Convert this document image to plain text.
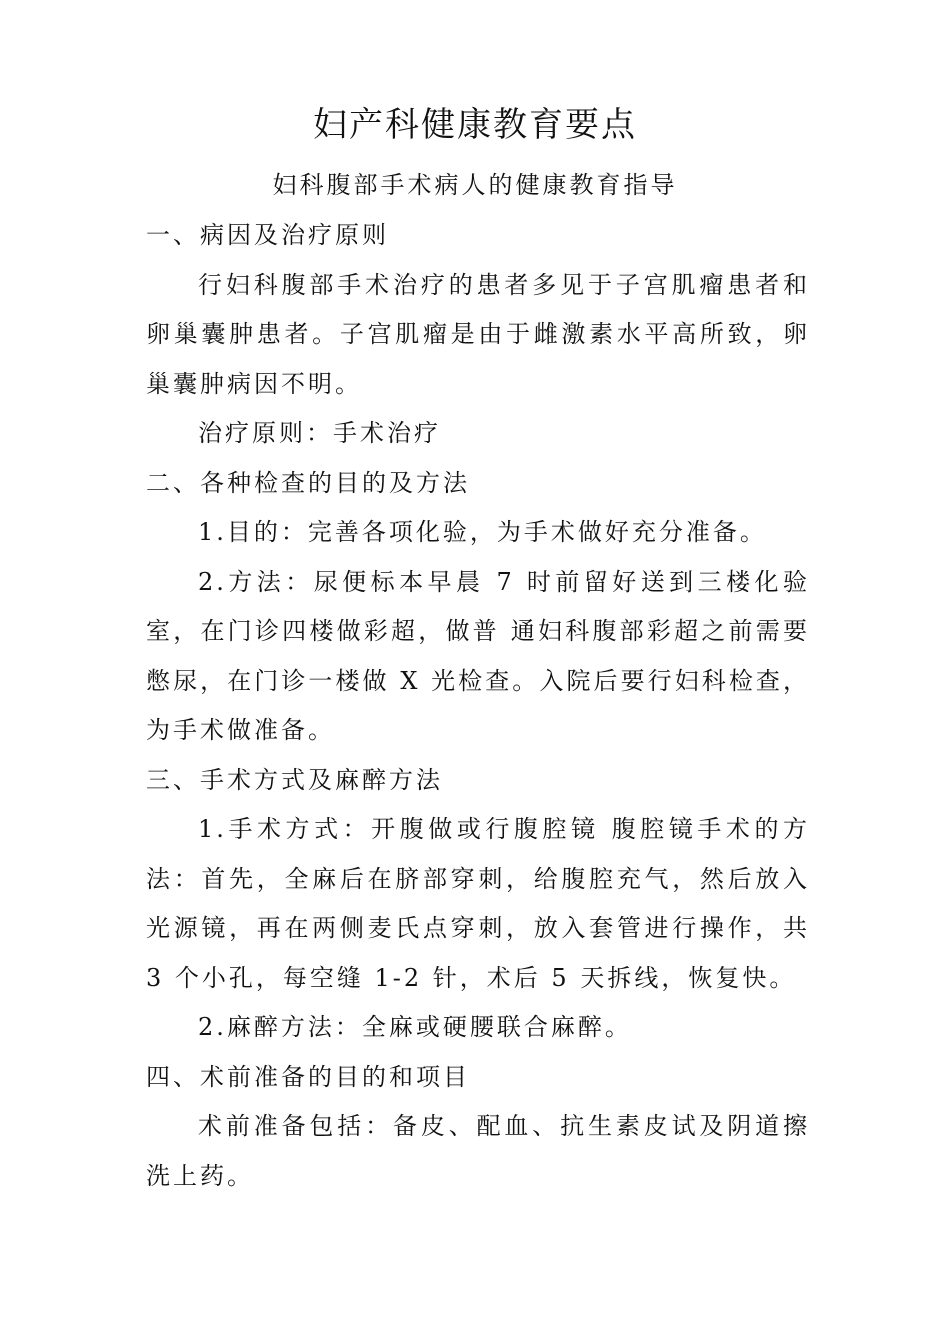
妇产科健康教育要点
妇科腹部手术病人的健康教育指导

一、病因及治疗原则

行妇科腹部手术治疗的患者多见于子宫肌瘤患者和卵巢囊肿患者。子宫肌瘤是由于雌激素水平高所致，卵巢囊肿病因不明。

治疗原则：手术治疗

二、各种检查的目的及方法

1.目的：完善各项化验，为手术做好充分准备。

2.方法：尿便标本早晨 7 时前留好送到三楼化验室，在门诊四楼做彩超，做普 通妇科腹部彩超之前需要憋尿，在门诊一楼做 X 光检查。入院后要行妇科检查， 为手术做准备。

三、手术方式及麻醉方法

1.手术方式：开腹做或行腹腔镜 腹腔镜手术的方法：首先，全麻后在脐部穿刺，给腹腔充气，然后放入光源镜，再在两侧麦氏点穿刺，放入套管进行操作，共 3 个小孔，每空缝 1-2 针，术后 5 天拆线，恢复快。

2.麻醉方法：全麻或硬腰联合麻醉。

四、术前准备的目的和项目

术前准备包括：备皮、配血、抗生素皮试及阴道擦洗上药。
